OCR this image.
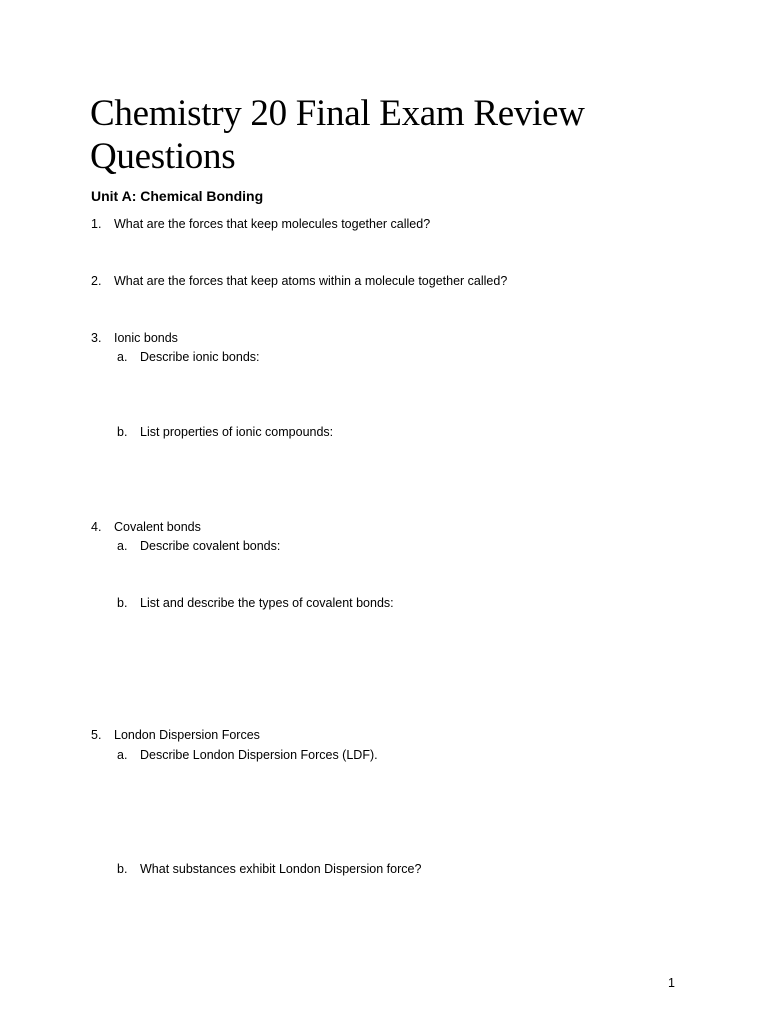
Chemistry 20 Final Exam Review Questions
Unit A: Chemical Bonding
1. What are the forces that keep molecules together called?
2. What are the forces that keep atoms within a molecule together called?
3. Ionic bonds
a. Describe ionic bonds:
b. List properties of ionic compounds:
4. Covalent bonds
a. Describe covalent bonds:
b. List and describe the types of covalent bonds:
5. London Dispersion Forces
a. Describe London Dispersion Forces (LDF).
b. What substances exhibit London Dispersion force?
1
